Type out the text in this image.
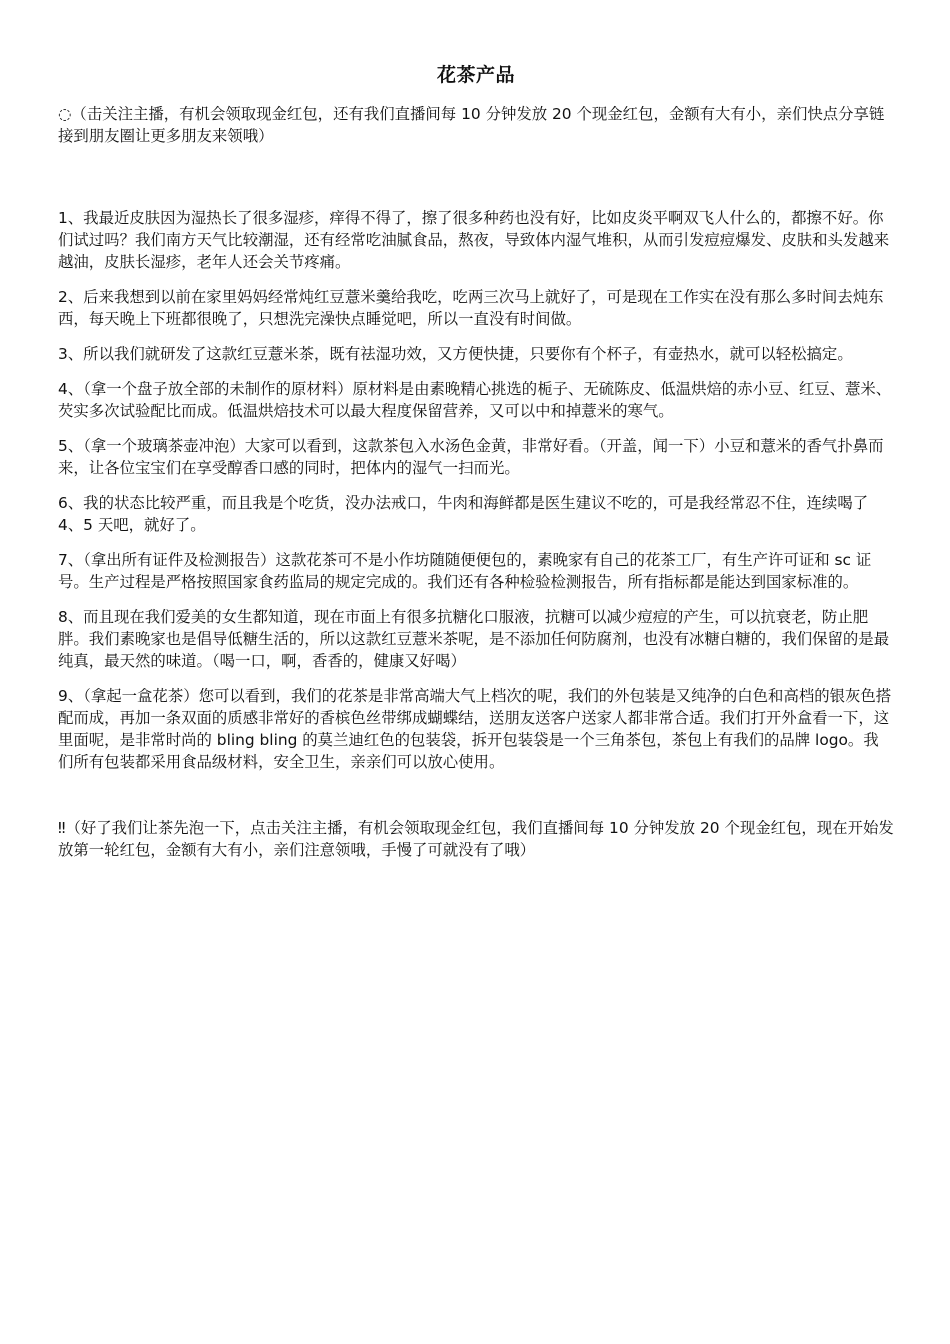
花茶产品

◌（击关注主播，有机会领取现金红包，还有我们直播间每 10 分钟发放 20 个现金红包，金额有大有小，亲们快点分享链接到朋友圈让更多朋友来领哦）

1、我最近皮肤因为湿热长了很多湿疹，痒得不得了，擦了很多种药也没有好，比如皮炎平啊双飞人什么的，都擦不好。你们试过吗？我们南方天气比较潮湿，还有经常吃油腻食品，熬夜，导致体内湿气堆积，从而引发痘痘爆发、皮肤和头发越来越油，皮肤长湿疹，老年人还会关节疼痛。

2、后来我想到以前在家里妈妈经常炖红豆薏米羹给我吃，吃两三次马上就好了，可是现在工作实在没有那么多时间去炖东西，每天晚上下班都很晚了，只想洗完澡快点睡觉吧，所以一直没有时间做。

3、所以我们就研发了这款红豆薏米茶，既有祛湿功效，又方便快捷，只要你有个杯子，有壶热水，就可以轻松搞定。

4、（拿一个盘子放全部的未制作的原材料）原材料是由素晚精心挑选的栀子、无硫陈皮、低温烘焙的赤小豆、红豆、薏米、芡实多次试验配比而成。低温烘焙技术可以最大程度保留营养，又可以中和掉薏米的寒气。

5、（拿一个玻璃茶壶冲泡）大家可以看到，这款茶包入水汤色金黄，非常好看。（开盖，闻一下）小豆和薏米的香气扑鼻而来，让各位宝宝们在享受醇香口感的同时，把体内的湿气一扫而光。

6、我的状态比较严重，而且我是个吃货，没办法戒口，牛肉和海鲜都是医生建议不吃的，可是我经常忍不住，连续喝了 4、5 天吧，就好了。

7、（拿出所有证件及检测报告）这款花茶可不是小作坊随随便便包的，素晚家有自己的花茶工厂，有生产许可证和 sc 证号。生产过程是严格按照国家食药监局的规定完成的。我们还有各种检验检测报告，所有指标都是能达到国家标准的。

8、而且现在我们爱美的女生都知道，现在市面上有很多抗糖化口服液，抗糖可以减少痘痘的产生，可以抗衰老，防止肥胖。我们素晚家也是倡导低糖生活的，所以这款红豆薏米茶呢，是不添加任何防腐剂，也没有冰糖白糖的，我们保留的是最纯真，最天然的味道。（喝一口，啊，香香的，健康又好喝）

9、（拿起一盒花茶）您可以看到，我们的花茶是非常高端大气上档次的呢，我们的外包装是又纯净的白色和高档的银灰色搭配而成，再加一条双面的质感非常好的香槟色丝带绑成蝴蝶结，送朋友送客户送家人都非常合适。我们打开外盒看一下，这里面呢，是非常时尚的 bling bling 的莫兰迪红色的包装袋，拆开包装袋是一个三角茶包，茶包上有我们的品牌 logo。我们所有包装都采用食品级材料，安全卫生，亲亲们可以放心使用。

‼（好了我们让茶先泡一下，点击关注主播，有机会领取现金红包，我们直播间每 10 分钟发放 20 个现金红包，现在开始发放第一轮红包，金额有大有小，亲们注意领哦，手慢了可就没有了哦）
